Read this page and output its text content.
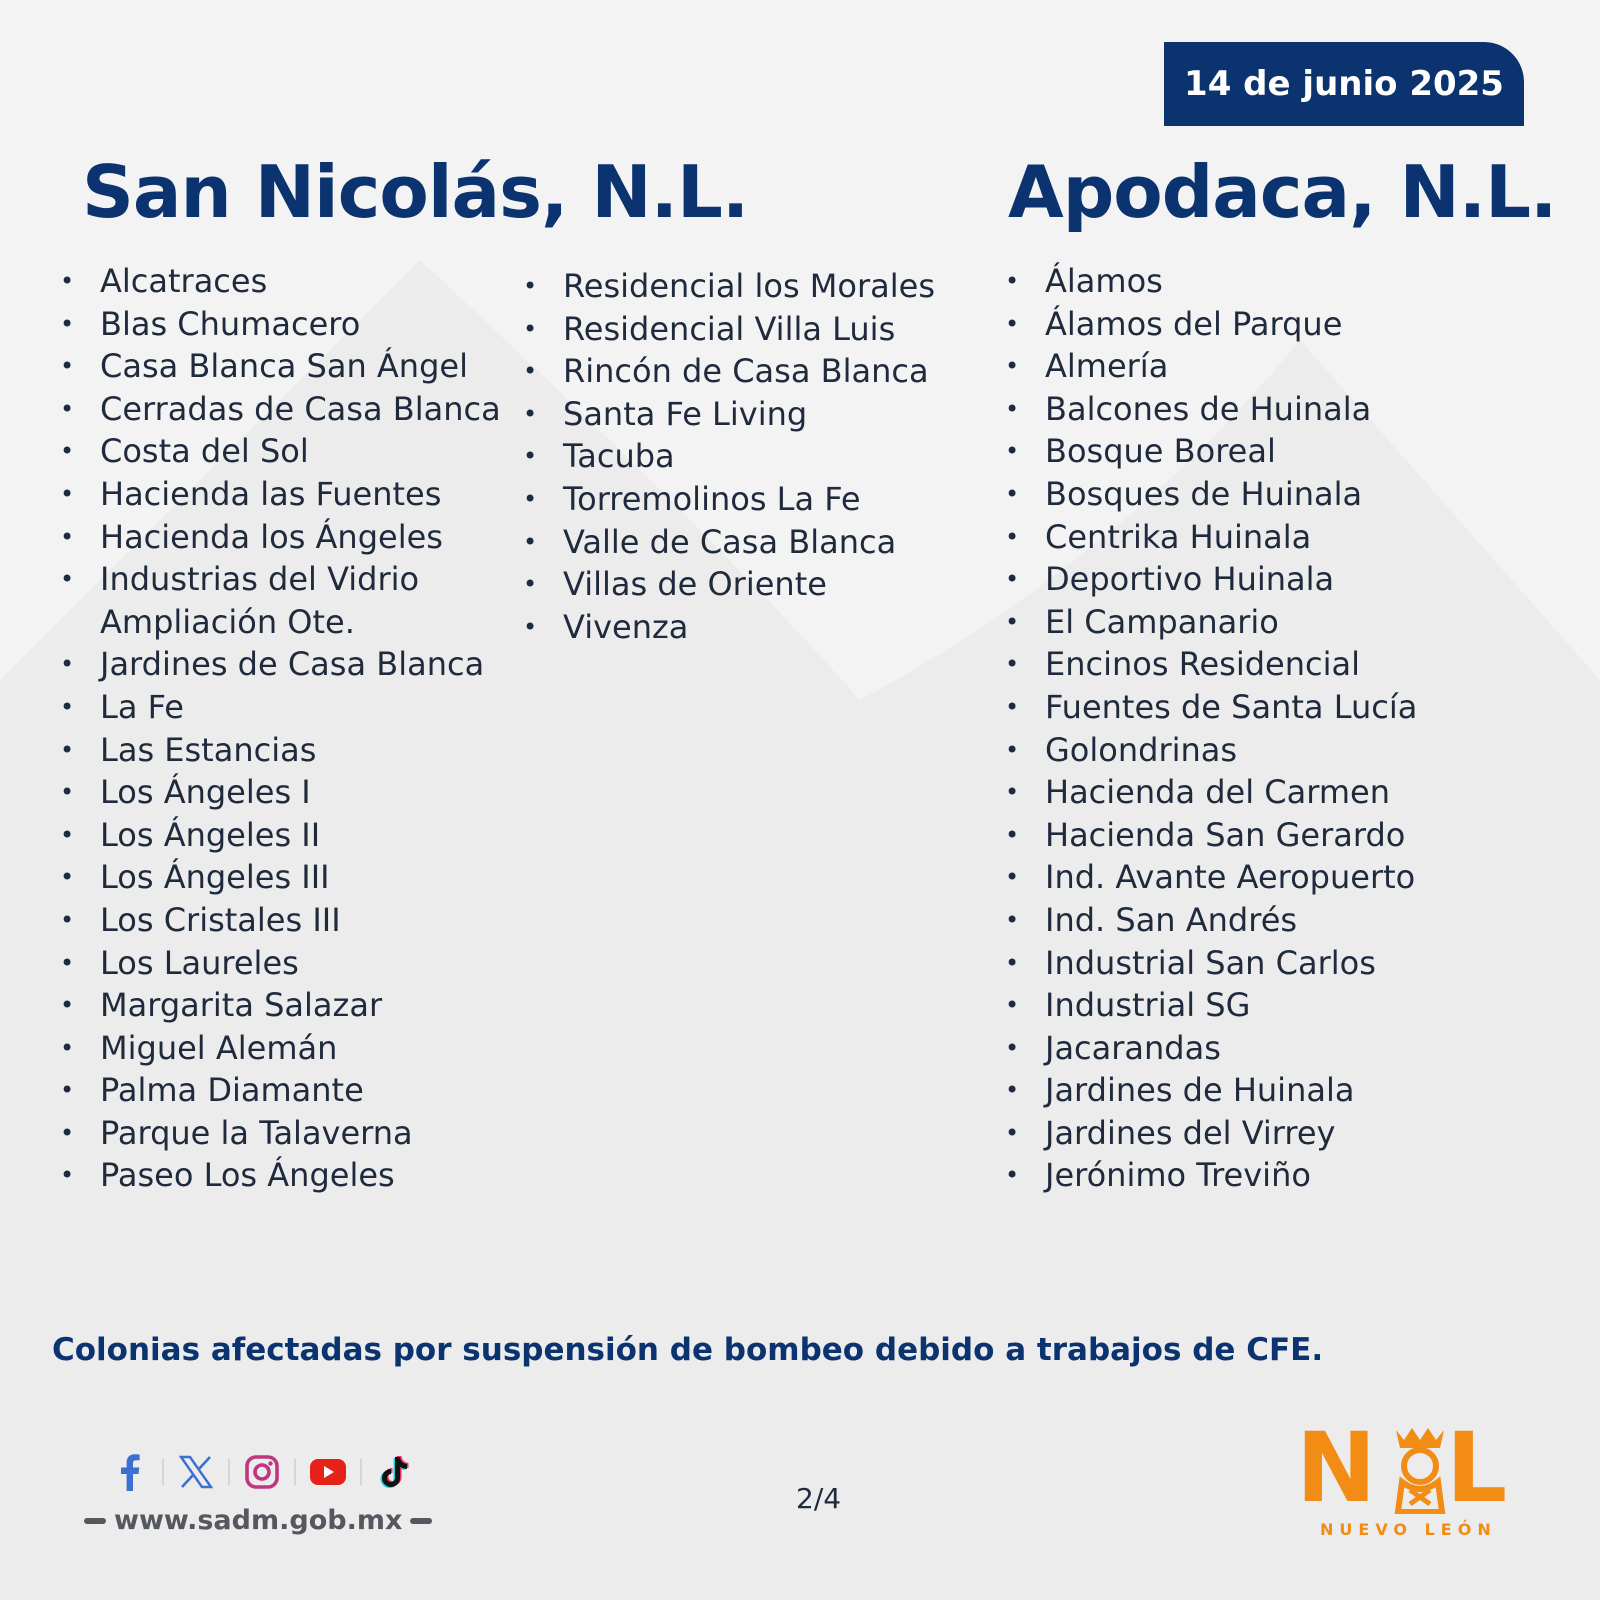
14 de junio 2025
San Nicolás, N.L.	Apodaca, N.L.
• Alcatraces
• Blas Chumacero
• Casa Blanca San Ángel
• Cerradas de Casa Blanca
• Costa del Sol
• Hacienda las Fuentes
• Hacienda los Ángeles
• Industrias del Vidrio Ampliación Ote.
• Jardines de Casa Blanca
• La Fe
• Las Estancias
• Los Ángeles I
• Los Ángeles II
• Los Ángeles III
• Los Cristales III
• Los Laureles
• Margarita Salazar
• Miguel Alemán
• Palma Diamante
• Parque la Talaverna
• Paseo Los Ángeles
• Residencial los Morales
• Residencial Villa Luis
• Rincón de Casa Blanca
• Santa Fe Living
• Tacuba
• Torremolinos La Fe
• Valle de Casa Blanca
• Villas de Oriente
• Vivenza
• Álamos
• Álamos del Parque
• Almería
• Balcones de Huinala
• Bosque Boreal
• Bosques de Huinala
• Centrika Huinala
• Deportivo Huinala
• El Campanario
• Encinos Residencial
• Fuentes de Santa Lucía
• Golondrinas
• Hacienda del Carmen
• Hacienda San Gerardo
• Ind. Avante Aeropuerto
• Ind. San Andrés
• Industrial San Carlos
• Industrial SG
• Jacarandas
• Jardines de Huinala
• Jardines del Virrey
• Jerónimo Treviño
Colonias afectadas por suspensión de bombeo debido a trabajos de CFE.
www.sadm.gob.mx
2/4	N L
NUEVO LEÓN
